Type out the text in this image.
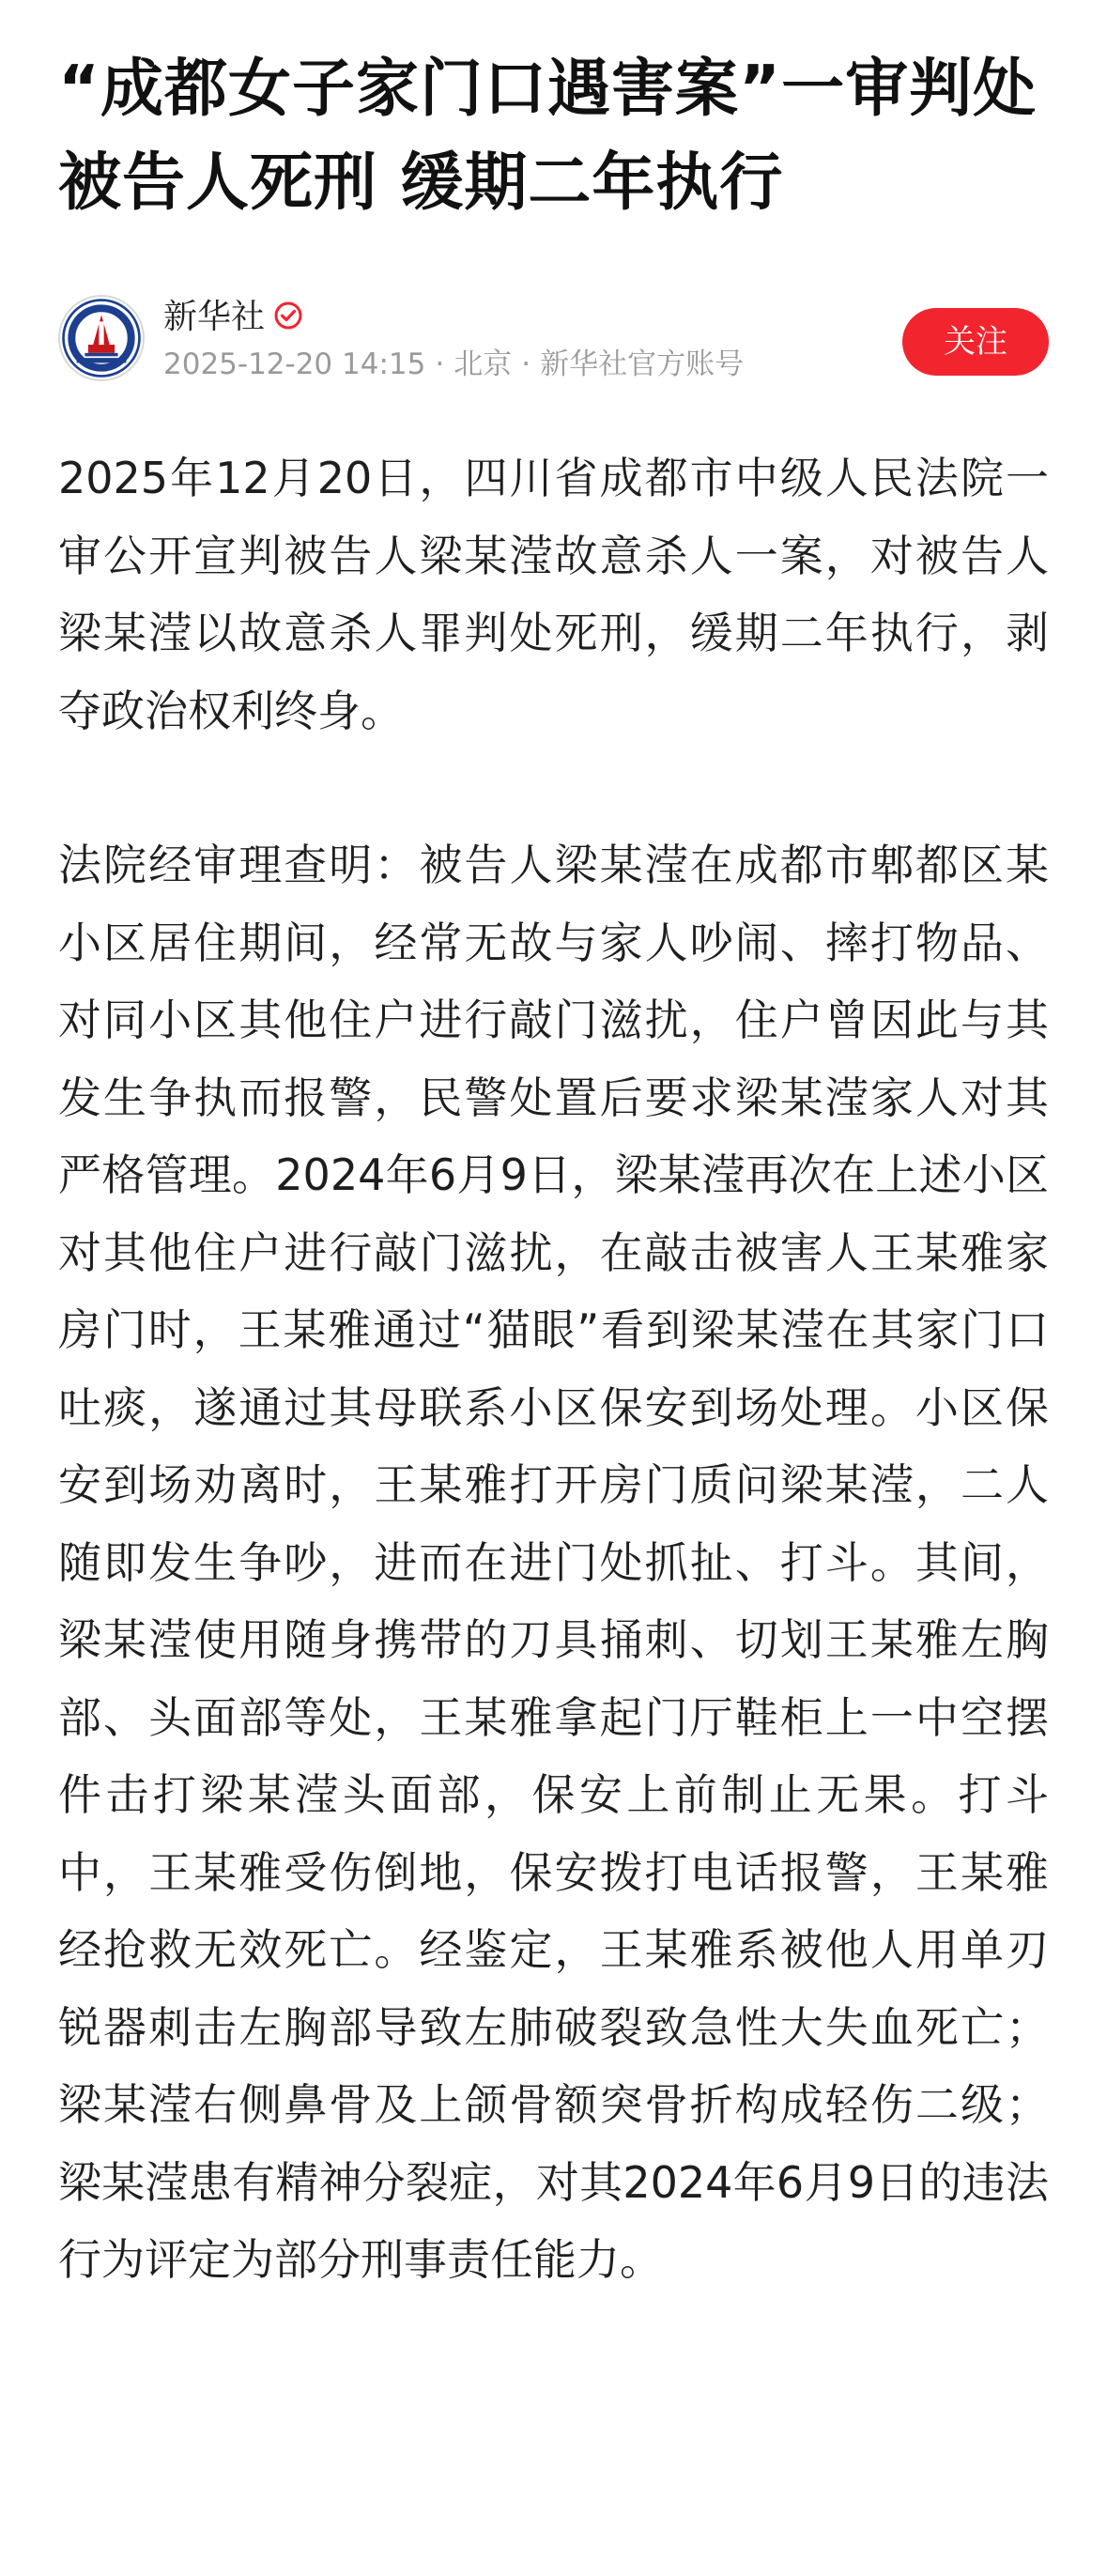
“成都女子家门口遇害案”一审判处被告人死刑 缓期二年执行
新华社
2025-12-20 14:15 · 北京 · 新华社官方账号
关注

2025年12月20日，四川省成都市中级人民法院一审公开宣判被告人梁某滢故意杀人一案，对被告人梁某滢以故意杀人罪判处死刑，缓期二年执行，剥夺政治权利终身。

法院经审理查明：被告人梁某滢在成都市郫都区某小区居住期间，经常无故与家人吵闹、摔打物品、对同小区其他住户进行敲门滋扰，住户曾因此与其发生争执而报警，民警处置后要求梁某滢家人对其严格管理。2024年6月9日，梁某滢再次在上述小区对其他住户进行敲门滋扰，在敲击被害人王某雅家房门时，王某雅通过“猫眼”看到梁某滢在其家门口吐痰，遂通过其母联系小区保安到场处理。小区保安到场劝离时，王某雅打开房门质问梁某滢，二人随即发生争吵，进而在进门处抓扯、打斗。其间，梁某滢使用随身携带的刀具捅刺、切划王某雅左胸部、头面部等处，王某雅拿起门厅鞋柜上一中空摆件击打梁某滢头面部，保安上前制止无果。打斗中，王某雅受伤倒地，保安拨打电话报警，王某雅经抢救无效死亡。经鉴定，王某雅系被他人用单刃锐器刺击左胸部导致左肺破裂致急性大失血死亡；梁某滢右侧鼻骨及上颌骨额突骨折构成轻伤二级；梁某滢患有精神分裂症，对其2024年6月9日的违法行为评定为部分刑事责任能力。
